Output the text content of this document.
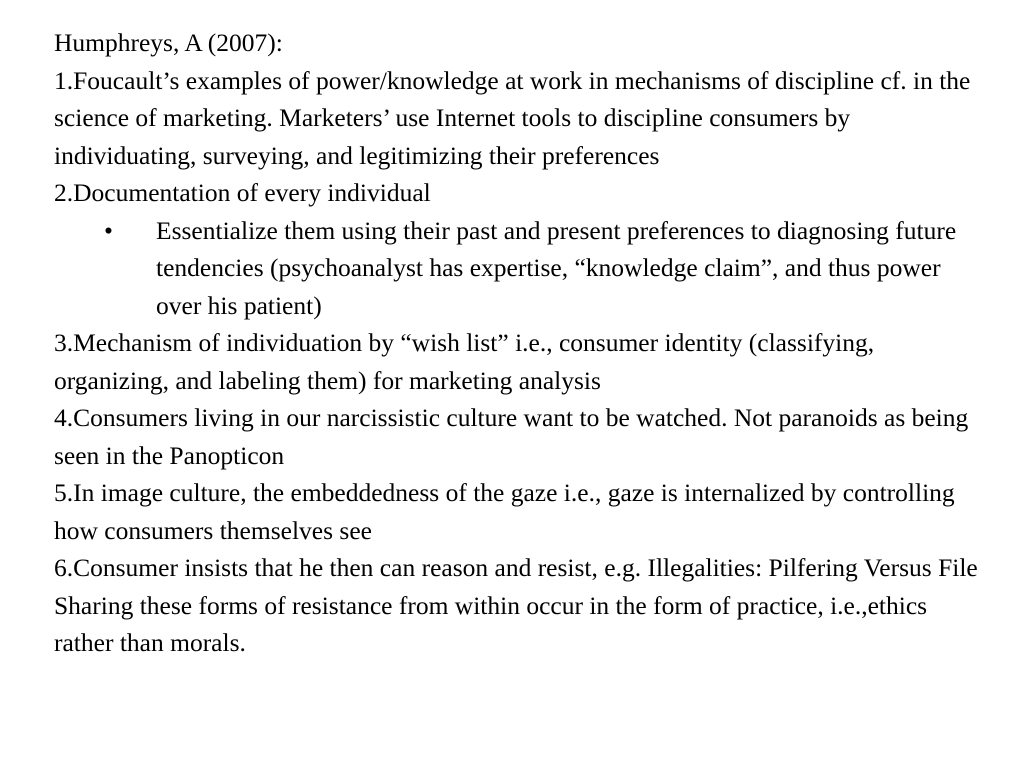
Humphreys, A (2007):

1.Foucault’s examples of power/knowledge at work in mechanisms of discipline cf. in the science of marketing. Marketers’ use Internet tools to discipline consumers by individuating, surveying, and legitimizing their preferences

2.Documentation of every individual

• Essentialize them using their past and present preferences to diagnosing future tendencies (psychoanalyst has expertise, “knowledge claim”, and thus power over his patient)

3.Mechanism of individuation by “wish list” i.e., consumer identity (classifying, organizing, and labeling them) for marketing analysis

4.Consumers living in our narcissistic culture want to be watched. Not paranoids as being seen in the Panopticon

5.In image culture, the embeddedness of the gaze i.e., gaze is internalized by controlling how consumers themselves see

6.Consumer insists that he then can reason and resist, e.g. Illegalities: Pilfering Versus File Sharing these forms of resistance from within occur in the form of practice, i.e.,ethics rather than morals.
